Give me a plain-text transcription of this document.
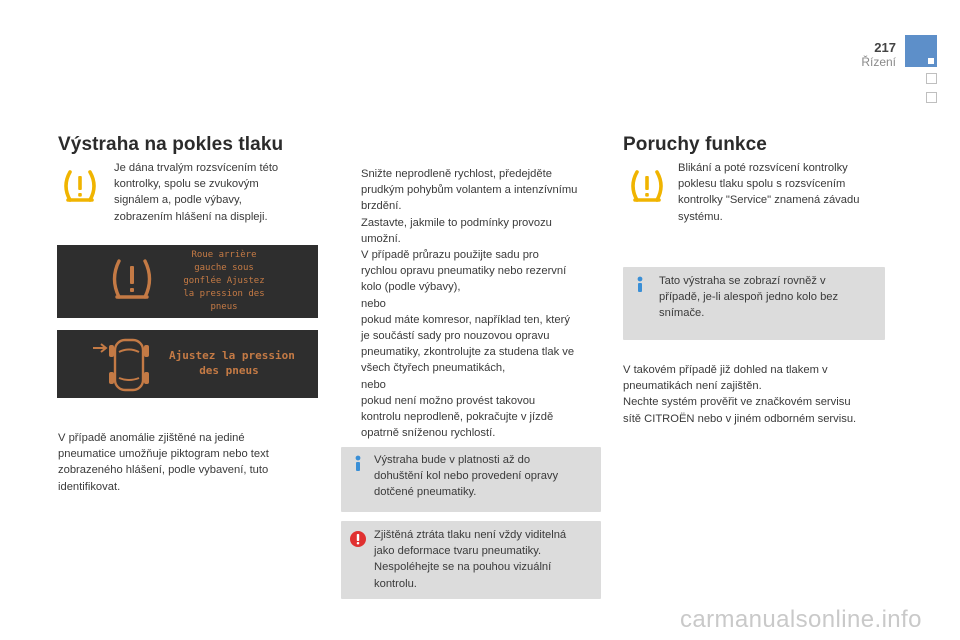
217
Řízení
Výstraha na pokles tlaku
Je dána trvalým rozsvícením této
kontrolky, spolu se zvukovým
signálem a, podle výbavy,
zobrazením hlášení na displeji.
Roue arrière
gauche sous
gonflée Ajustez
la pression des
pneus
Ajustez la pression
des pneus
V případě anomálie zjištěné na jediné
pneumatice umožňuje piktogram nebo text
zobrazeného hlášení, podle vybavení, tuto
identifikovat.
Snižte neprodleně rychlost, předejděte
prudkým pohybům volantem a intenzívnímu
brzdění.
Zastavte, jakmile to podmínky provozu
umožní.
V případě průrazu použijte sadu pro
rychlou opravu pneumatiky nebo rezervní
kolo (podle výbavy),
nebo
pokud máte komresor, například ten, který
je součástí sady pro nouzovou opravu
pneumatiky, zkontrolujte za studena tlak ve
všech čtyřech pneumatikách,
nebo
pokud není možno provést takovou
kontrolu neprodleně, pokračujte v jízdě
opatrně sníženou rychlostí.
Výstraha bude v platnosti až do
dohuštění kol nebo provedení opravy
dotčené pneumatiky.
Zjištěná ztráta tlaku není vždy viditelná
jako deformace tvaru pneumatiky.
Nespoléhejte se na pouhou vizuální
kontrolu.
Poruchy funkce
Blikání a poté rozsvícení kontrolky
poklesu tlaku spolu s rozsvícením
kontrolky "Service" znamená závadu
systému.
Tato výstraha se zobrazí rovněž v
případě, je-li alespoň jedno kolo bez
snímače.
V takovém případě již dohled na tlakem v
pneumatikách není zajištěn.
Nechte systém prověřit ve značkovém servisu
sítě CITROËN nebo v jiném odborném servisu.
carmanualsonline.info
